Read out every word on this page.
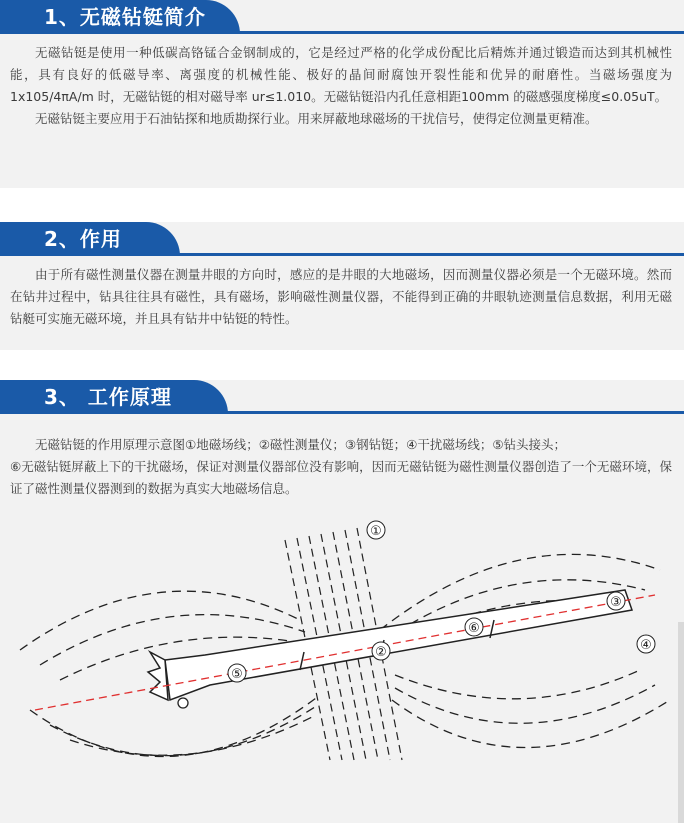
1、无磁钻铤简介

无磁钻铤是使用一种低碳高铬锰合金钢制成的，它是经过严格的化学成份配比后精炼并通过锻造而达到其机械性能，具有良好的低磁导率、离强度的机械性能、极好的晶间耐腐蚀开裂性能和优异的耐磨性。当磁场强度为 1x105/4πA/m 时，无磁钻铤的相对磁导率 ur≤1.010。无磁钻铤沿内孔任意相距100mm 的磁感强度梯度≤0.05uT。

无磁钻铤主要应用于石油钻探和地质勘探行业。用来屏蔽地球磁场的干扰信号，使得定位测量更精准。

2、作用

由于所有磁性测量仪器在测量井眼的方向时，感应的是井眼的大地磁场，因而测量仪器必须是一个无磁环境。然而在钻井过程中，钻具往往具有磁性，具有磁场，影响磁性测量仪器，不能得到正确的井眼轨迹测量信息数据，利用无磁钻艇可实施无磁环境，并且具有钻井中钻铤的特性。

3、 工作原理

无磁钻铤的作用原理示意图①地磁场线；②磁性测量仪；③钢钻铤；④干扰磁场线；⑤钻头接头；

⑥无磁钻铤屏蔽上下的干扰磁场，保证对测量仪器部位没有影响，因而无磁钻铤为磁性测量仪器创造了一个无磁环境，保证了磁性测量仪器测到的数据为真实大地磁场信息。

①
②
③
④
⑤
⑥
